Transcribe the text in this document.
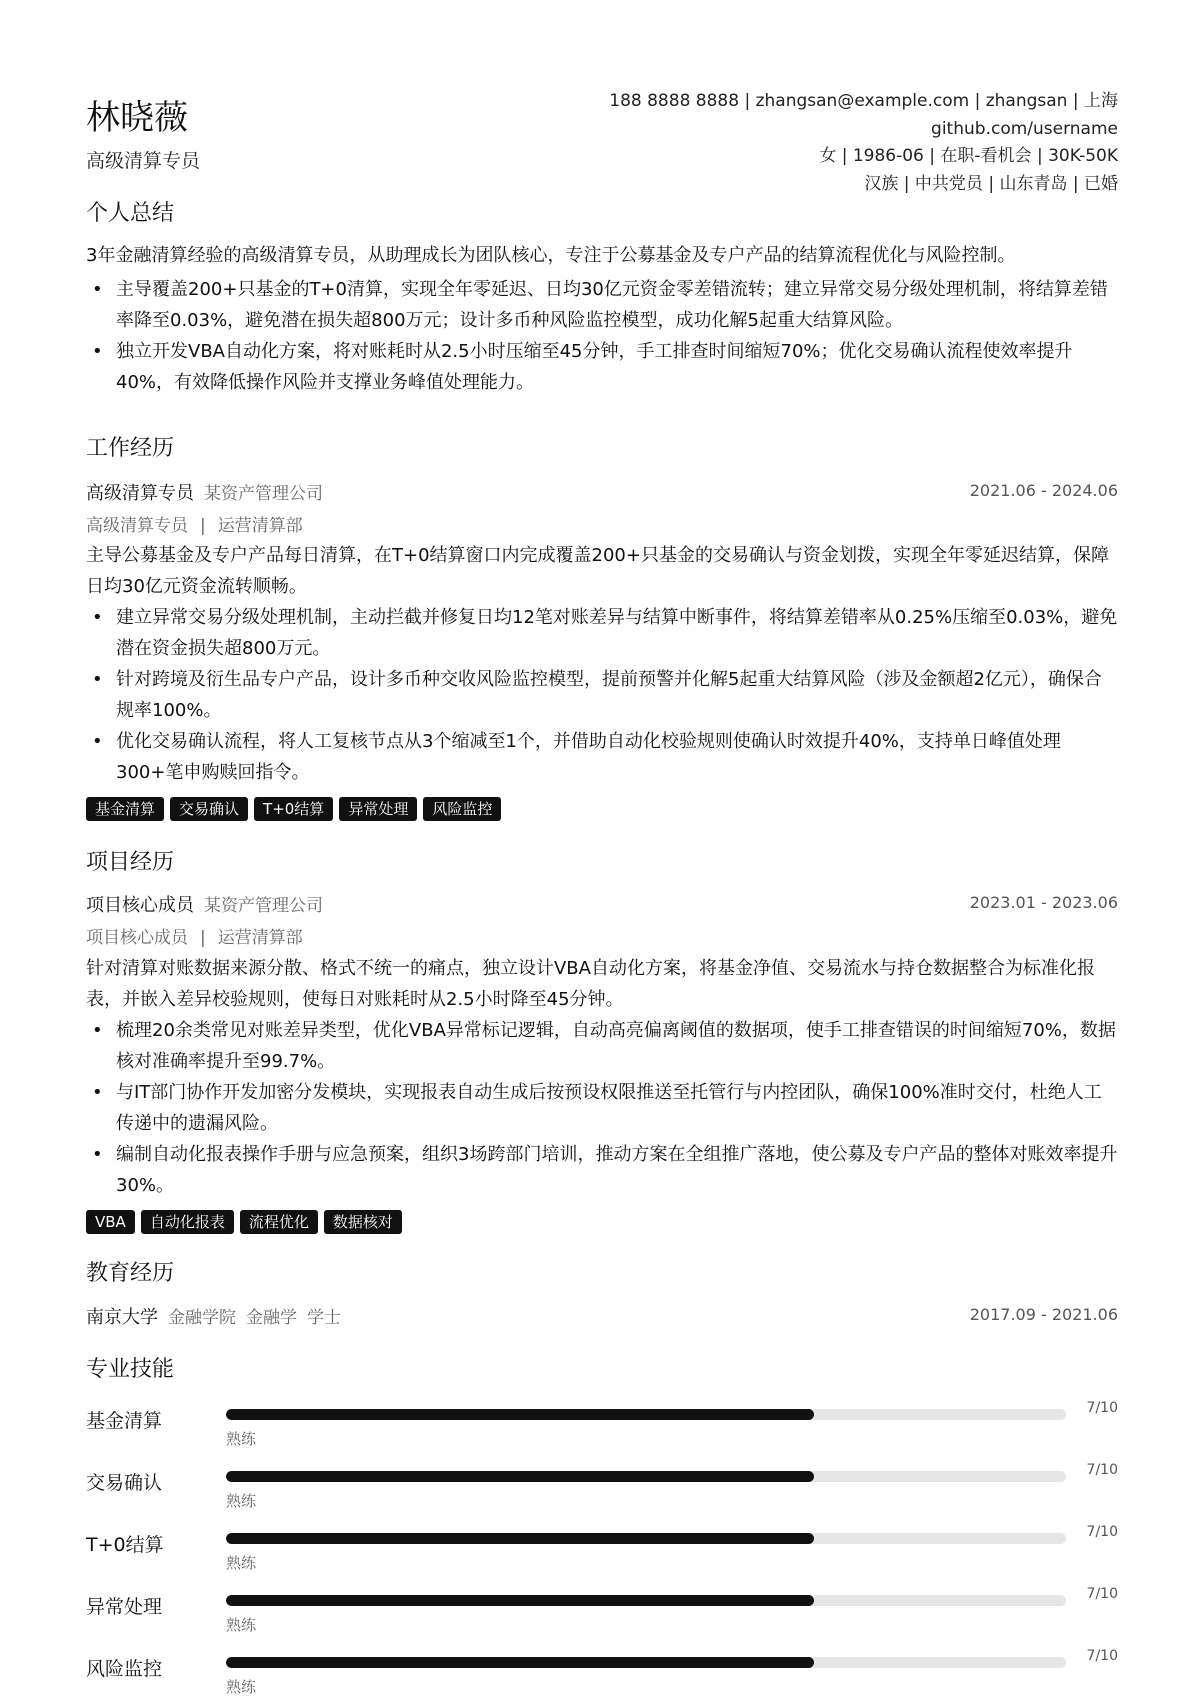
林晓薇
高级清算专员
188 8888 8888 | zhangsan@example.com | zhangsan | 上海
github.com/username
女 | 1986-06 | 在职-看机会 | 30K-50K
汉族 | 中共党员 | 山东青岛 | 已婚
个人总结

3年金融清算经验的高级清算专员，从助理成长为团队核心，专注于公募基金及专户产品的结算流程优化与风险控制。

• 主导覆盖200+只基金的T+0清算，实现全年零延迟、日均30亿元资金零差错流转；建立异常交易分级处理机制，将结算差错率降至0.03%，避免潜在损失超800万元；设计多币种风险监控模型，成功化解5起重大结算风险。
• 独立开发VBA自动化方案，将对账耗时从2.5小时压缩至45分钟，手工排查时间缩短70%；优化交易确认流程使效率提升40%，有效降低操作风险并支撑业务峰值处理能力。
工作经历
高级清算专员 某资产管理公司	2021.06 - 2024.06
高级清算专员 | 运营清算部

主导公募基金及专户产品每日清算，在T+0结算窗口内完成覆盖200+只基金的交易确认与资金划拨，实现全年零延迟结算，保障日均30亿元资金流转顺畅。

• 建立异常交易分级处理机制，主动拦截并修复日均12笔对账差异与结算中断事件，将结算差错率从0.25%压缩至0.03%，避免潜在资金损失超800万元。
• 针对跨境及衍生品专户产品，设计多币种交收风险监控模型，提前预警并化解5起重大结算风险（涉及金额超2亿元），确保合规率100%。
• 优化交易确认流程，将人工复核节点从3个缩减至1个，并借助自动化校验规则使确认时效提升40%，支持单日峰值处理300+笔申购赎回指令。
基金清算	交易确认	T+0结算	异常处理	风险监控
项目经历
项目核心成员 某资产管理公司	2023.01 - 2023.06
项目核心成员 | 运营清算部

针对清算对账数据来源分散、格式不统一的痛点，独立设计VBA自动化方案，将基金净值、交易流水与持仓数据整合为标准化报表，并嵌入差异校验规则，使每日对账耗时从2.5小时降至45分钟。

• 梳理20余类常见对账差异类型，优化VBA异常标记逻辑，自动高亮偏离阈值的数据项，使手工排查错误的时间缩短70%，数据核对准确率提升至99.7%。
• 与IT部门协作开发加密分发模块，实现报表自动生成后按预设权限推送至托管行与内控团队，确保100%准时交付，杜绝人工传递中的遗漏风险。
• 编制自动化报表操作手册与应急预案，组织3场跨部门培训，推动方案在全组推广落地，使公募及专户产品的整体对账效率提升30%。
VBA	自动化报表	流程优化	数据核对
教育经历
南京大学 金融学院 金融学 学士	2017.09 - 2021.06
专业技能
基金清算
7/10
熟练
交易确认
7/10
熟练
T+0结算
7/10
熟练
异常处理
7/10
熟练
风险监控
7/10
熟练
